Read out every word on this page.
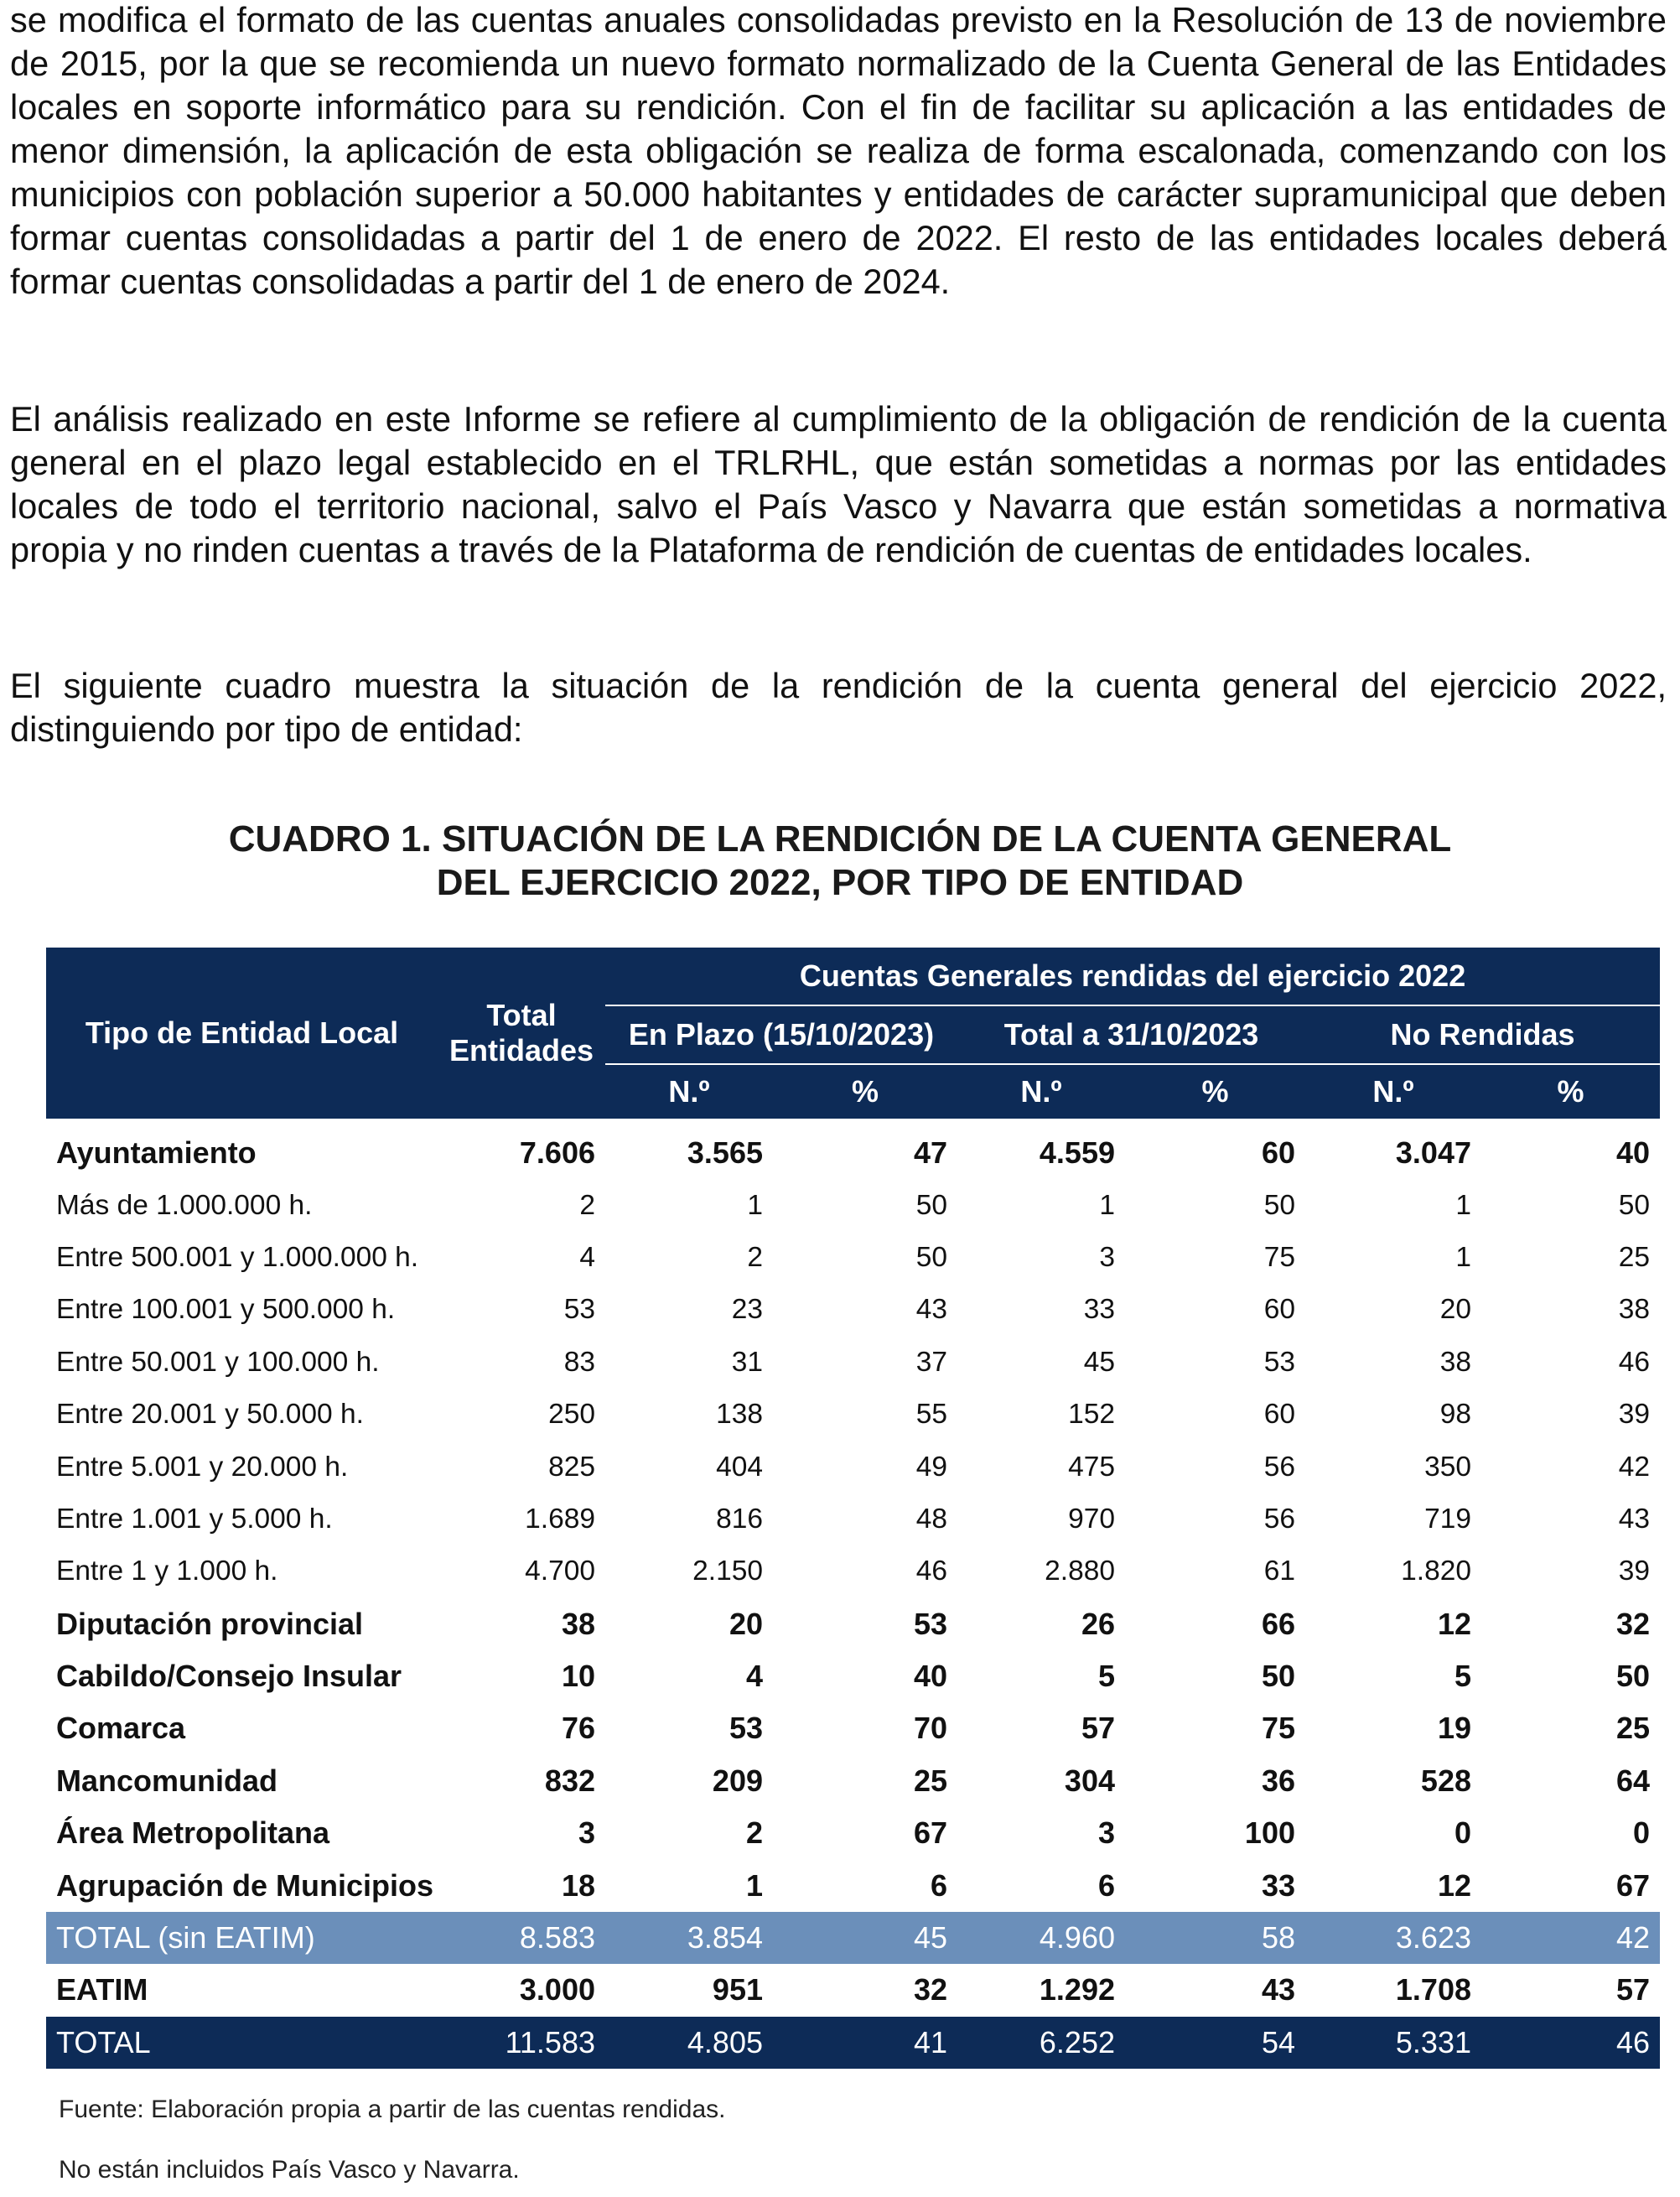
se modifica el formato de las cuentas anuales consolidadas previsto en la Resolución de 13 de noviembre de 2015, por la que se recomienda un nuevo formato normalizado de la Cuenta General de las Entidades locales en soporte informático para su rendición. Con el fin de facilitar su aplicación a las entidades de menor dimensión, la aplicación de esta obligación se realiza de forma escalonada, comenzando con los municipios con población superior a 50.000 habitantes y entidades de carácter supramunicipal que deben formar cuentas consolidadas a partir del 1 de enero de 2022. El resto de las entidades locales deberá formar cuentas consolidadas a partir del 1 de enero de 2024.

El análisis realizado en este Informe se refiere al cumplimiento de la obligación de rendición de la cuenta general en el plazo legal establecido en el TRLRHL, que están sometidas a normas por las entidades locales de todo el territorio nacional, salvo el País Vasco y Navarra que están sometidas a normativa propia y no rinden cuentas a través de la Plataforma de rendición de cuentas de entidades locales.

El siguiente cuadro muestra la situación de la rendición de la cuenta general del ejercicio 2022, distinguiendo por tipo de entidad:

CUADRO 1. SITUACIÓN DE LA RENDICIÓN DE LA CUENTA GENERAL
DEL EJERCICIO 2022, POR TIPO DE ENTIDAD
Tipo de Entidad Local	Total
Entidades	Cuentas Generales rendidas del ejercicio 2022					
		En Plazo (15/10/2023)		Total a 31/10/2023		No Rendidas	
		N.º	%	N.º	%	N.º	%
Ayuntamiento	7.606	3.565	47	4.559	60	3.047	40
Más de 1.000.000 h.	2	1	50	1	50	1	50
Entre 500.001 y 1.000.000 h.	4	2	50	3	75	1	25
Entre 100.001 y 500.000 h.	53	23	43	33	60	20	38
Entre 50.001 y 100.000 h.	83	31	37	45	53	38	46
Entre 20.001 y 50.000 h.	250	138	55	152	60	98	39
Entre 5.001 y 20.000 h.	825	404	49	475	56	350	42
Entre 1.001 y 5.000 h.	1.689	816	48	970	56	719	43
Entre 1 y 1.000 h.	4.700	2.150	46	2.880	61	1.820	39
Diputación provincial	38	20	53	26	66	12	32
Cabildo/Consejo Insular	10	4	40	5	50	5	50
Comarca	76	53	70	57	75	19	25
Mancomunidad	832	209	25	304	36	528	64
Área Metropolitana	3	2	67	3	100	0	0
Agrupación de Municipios	18	1	6	6	33	12	67
TOTAL (sin EATIM)	8.583	3.854	45	4.960	58	3.623	42
EATIM	3.000	951	32	1.292	43	1.708	57
TOTAL	11.583	4.805	41	6.252	54	5.331	46

Fuente: Elaboración propia a partir de las cuentas rendidas.

No están incluidos País Vasco y Navarra.
